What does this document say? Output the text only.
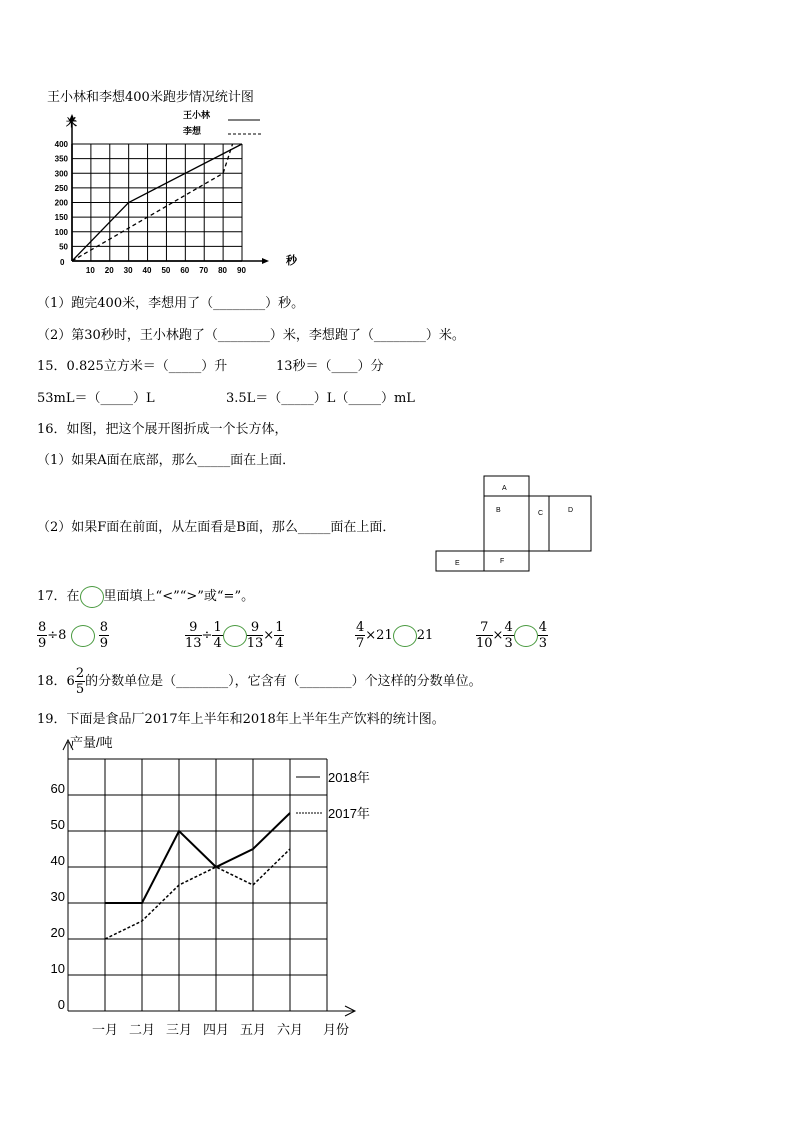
王小林和李想400米跑步情况统计图
0
10 20 30 40 50 60 70 80 90
50
100
150
200
250
300
350
400
米
秒
王小林
李想
（1）跑完400米，李想用了（________）秒。
（2）第30秒时，王小林跑了（________）米，李想跑了（________）米。
15．0.825立方米＝（_____）升	13秒＝（____）分
53mL＝（_____）L	3.5L＝（_____）L（_____）mL
16．如图，把这个展开图折成一个长方体，
（1）如果A面在底部，那么_____面在上面．
（2）如果F面在前面，从左面看是B面，那么_____面在上面．
A
B	C	D
F
E
17．在 里面填上“<”“>”或“=”。
$\frac{8}{9} \div 8 \frac{8}{9}$	$\frac{9}{13} \div \frac{1}{4} \frac{9}{13} \times \frac{1}{4}$	$\frac{4}{7} \times 21$ 21	$\frac{7}{10} \times \frac{4}{3} \frac{4}{3}$
18．$6 \frac{2}{5}$ 的分数单位是（________），它含有（________）个这样的分数单位。
19．下面是食品厂2017年上半年和2018年上半年生产饮料的统计图。
0
10
20
30
40
50
60
一月 二月 三月 四月 五月 六月
产量/吨
月份
2018年
2017年
